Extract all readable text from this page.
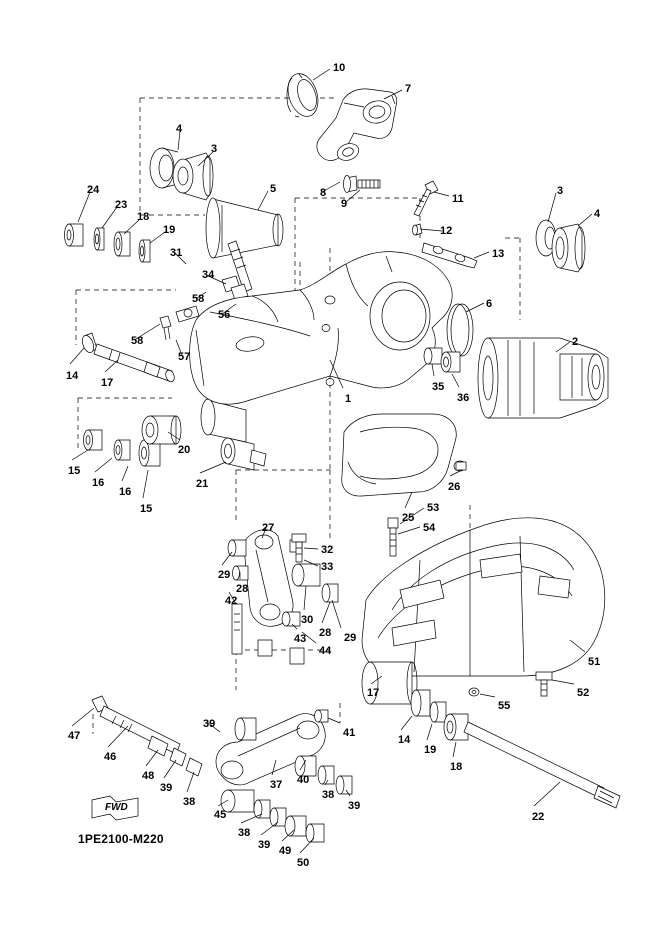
FWD
1PE2100-M220
10
7
4
3
5	8
9	11
3
4
24
23
18
19
31
12
13
34
6
58
56
2
58
57
14
17	35
36
1
20
15
16
16
15
21	26
25
53
54
27
32
29
33
28
42
30
28 29
43
44
51
52
55
17
14
19
18
39
41
47
46
48
39
38
37 40
38
39
45
38
39 49
50
22
